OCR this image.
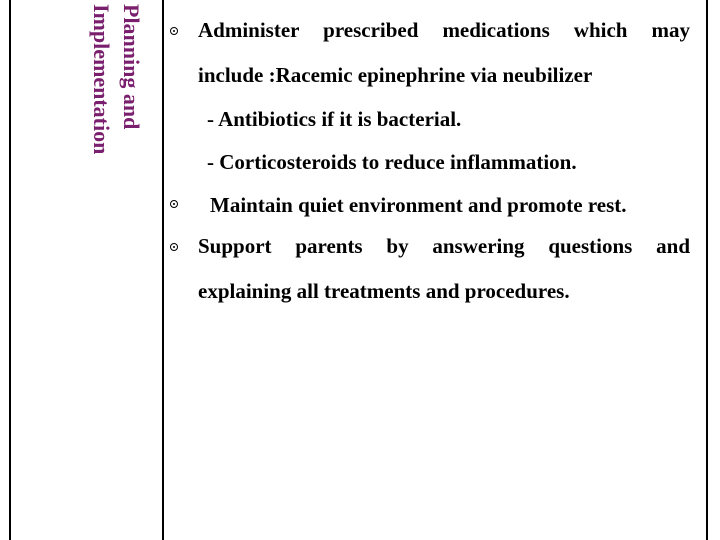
Planning and
Implementation	Administer prescribed medications which may
include :Racemic epinephrine via neubilizer
- Antibiotics if it is bacterial.
- Corticosteroids to reduce inflammation.
Maintain quiet environment and promote rest.
Support parents by answering questions and
explaining all treatments and procedures.
